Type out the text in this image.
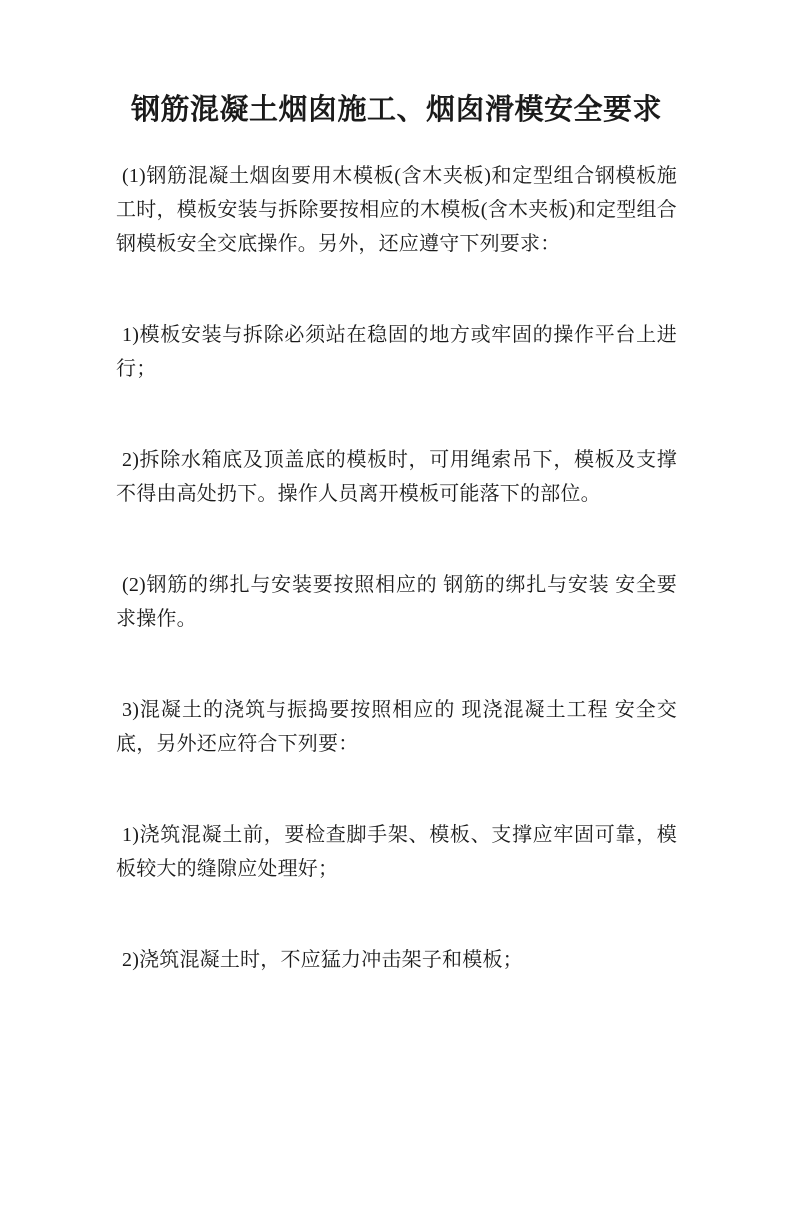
钢筋混凝土烟囱施工、烟囱滑模安全要求

(1)钢筋混凝土烟囱要用木模板(含木夹板)和定型组合钢模板施工时，模板安装与拆除要按相应的木模板(含木夹板)和定型组合钢模板安全交底操作。另外，还应遵守下列要求：

1)模板安装与拆除必须站在稳固的地方或牢固的操作平台上进行；

2)拆除水箱底及顶盖底的模板时，可用绳索吊下，模板及支撑不得由高处扔下。操作人员离开模板可能落下的部位。

(2)钢筋的绑扎与安装要按照相应的 钢筋的绑扎与安装 安全要求操作。

3)混凝土的浇筑与振捣要按照相应的 现浇混凝土工程 安全交底，另外还应符合下列要：

1)浇筑混凝土前，要检查脚手架、模板、支撑应牢固可靠，模板较大的缝隙应处理好；

2)浇筑混凝土时，不应猛力冲击架子和模板；
